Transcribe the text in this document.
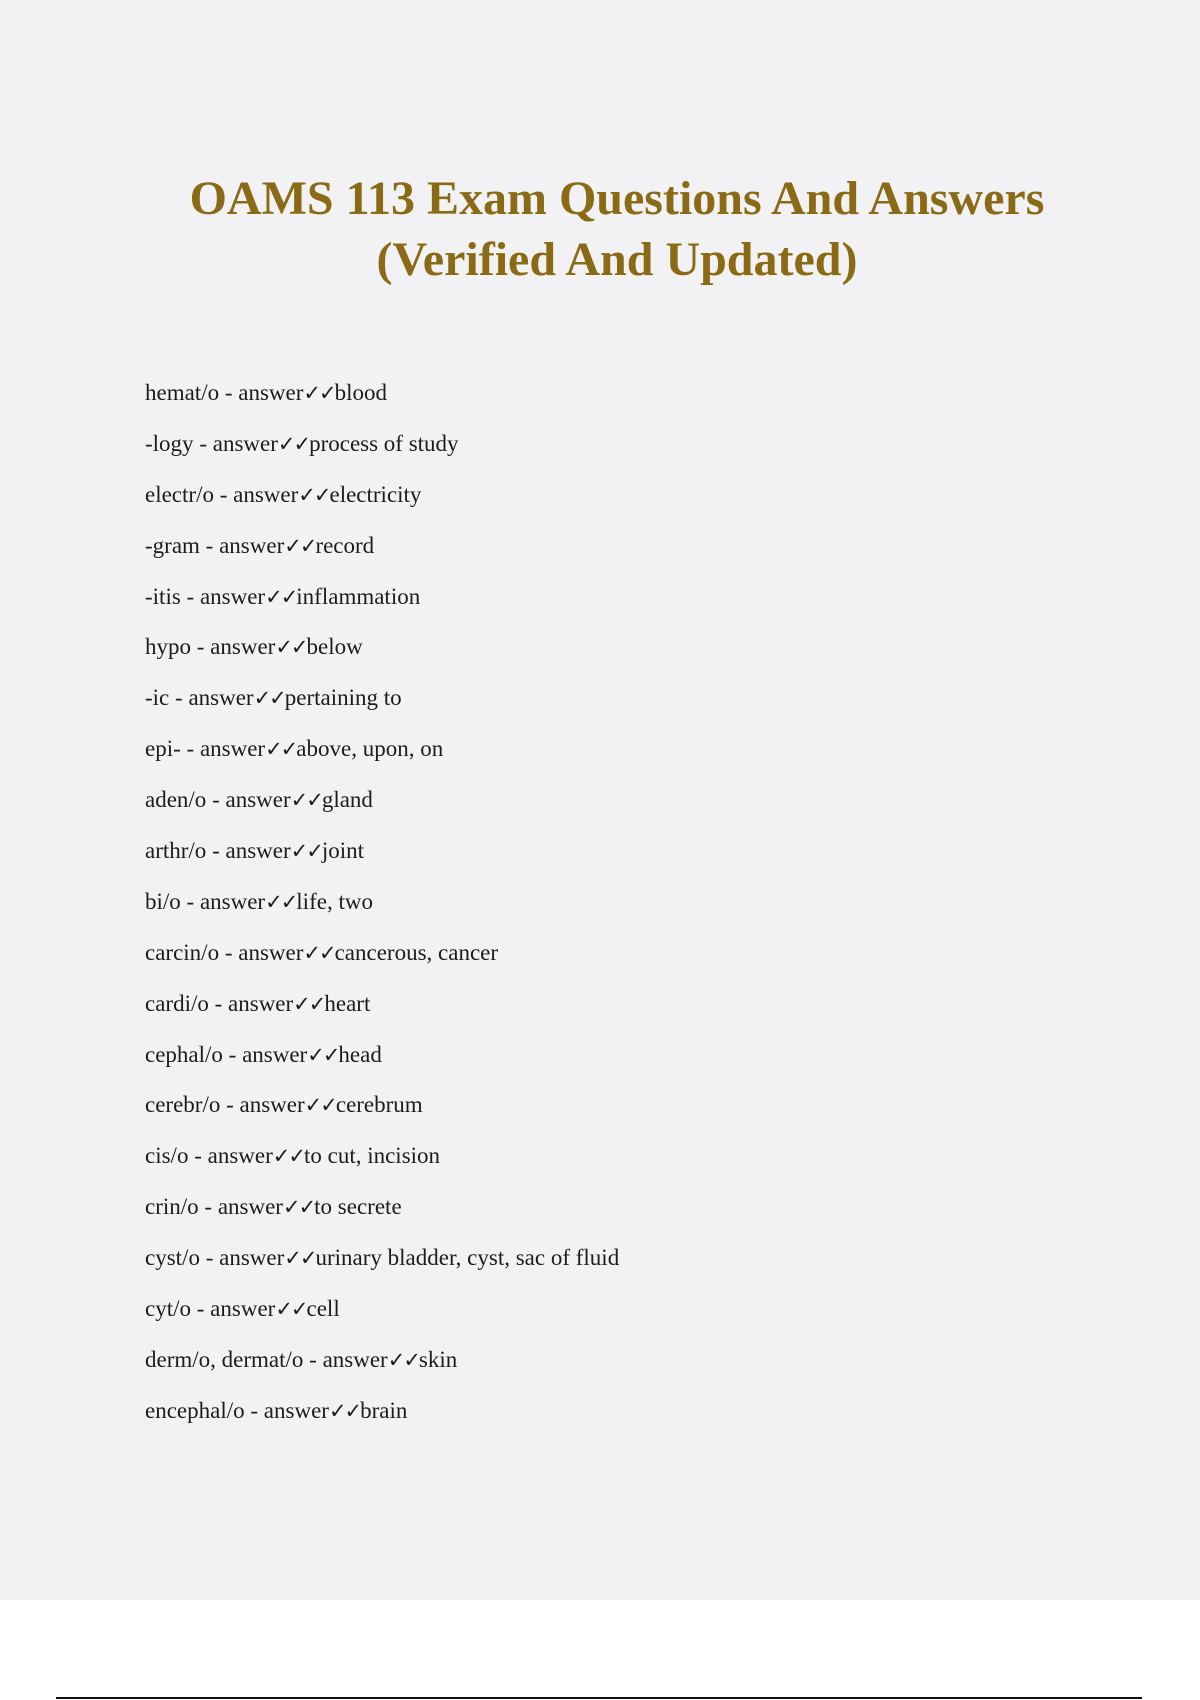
OAMS 113 Exam Questions And Answers
(Verified And Updated)
hemat/o - answer✓✓blood
-logy - answer✓✓process of study
electr/o - answer✓✓electricity
-gram - answer✓✓record
-itis - answer✓✓inflammation
hypo - answer✓✓below
-ic - answer✓✓pertaining to
epi- - answer✓✓above, upon, on
aden/o - answer✓✓gland
arthr/o - answer✓✓joint
bi/o - answer✓✓life, two
carcin/o - answer✓✓cancerous, cancer
cardi/o - answer✓✓heart
cephal/o - answer✓✓head
cerebr/o - answer✓✓cerebrum
cis/o - answer✓✓to cut, incision
crin/o - answer✓✓to secrete
cyst/o - answer✓✓urinary bladder, cyst, sac of fluid
cyt/o - answer✓✓cell
derm/o, dermat/o - answer✓✓skin
encephal/o - answer✓✓brain
